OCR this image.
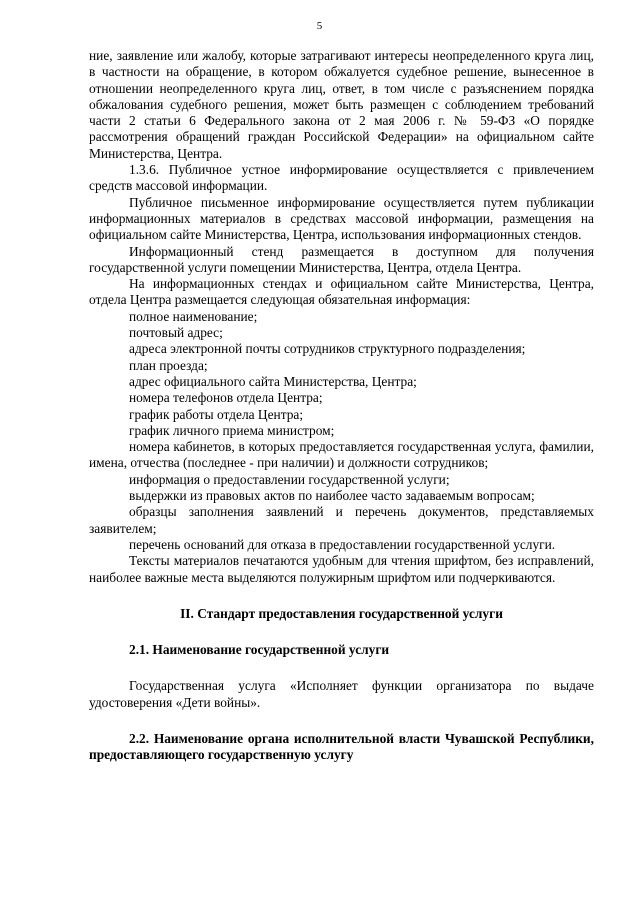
5

ние, заявление или жалобу, которые затрагивают интересы неопределенного круга лиц, в частности на обращение, в котором обжалуется судебное решение, вынесенное в отношении неопределенного круга лиц, ответ, в том числе с разъяснением порядка обжалования судебного решения, может быть размещен с соблюдением требований части 2 статьи 6 Федерального закона от 2 мая 2006 г. № 59-ФЗ «О порядке рассмотрения обращений граждан Российской Федерации» на официальном сайте Министерства, Центра.

1.3.6. Публичное устное информирование осуществляется с привлечением средств массовой информации.

Публичное письменное информирование осуществляется путем публикации информационных материалов в средствах массовой информации, размещения на официальном сайте Министерства, Центра, использования информационных стендов.

Информационный стенд размещается в доступном для получения государственной услуги помещении Министерства, Центра, отдела Центра.

На информационных стендах и официальном сайте Министерства, Центра, отдела Центра размещается следующая обязательная информация:

полное наименование;

почтовый адрес;

адреса электронной почты сотрудников структурного подразделения;

план проезда;

адрес официального сайта Министерства, Центра;

номера телефонов отдела Центра;

график работы отдела Центра;

график личного приема министром;

номера кабинетов, в которых предоставляется государственная услуга, фамилии, имена, отчества (последнее - при наличии) и должности сотрудников;

информация о предоставлении государственной услуги;

выдержки из правовых актов по наиболее часто задаваемым вопросам;

образцы заполнения заявлений и перечень документов, представляемых заявителем;

перечень оснований для отказа в предоставлении государственной услуги.

Тексты материалов печатаются удобным для чтения шрифтом, без исправлений, наиболее важные места выделяются полужирным шрифтом или подчеркиваются.

II. Стандарт предоставления государственной услуги

2.1. Наименование государственной услуги

Государственная услуга «Исполняет функции организатора по выдаче удостоверения «Дети войны».

2.2. Наименование органа исполнительной власти Чувашской Республики, предоставляющего государственную услугу
